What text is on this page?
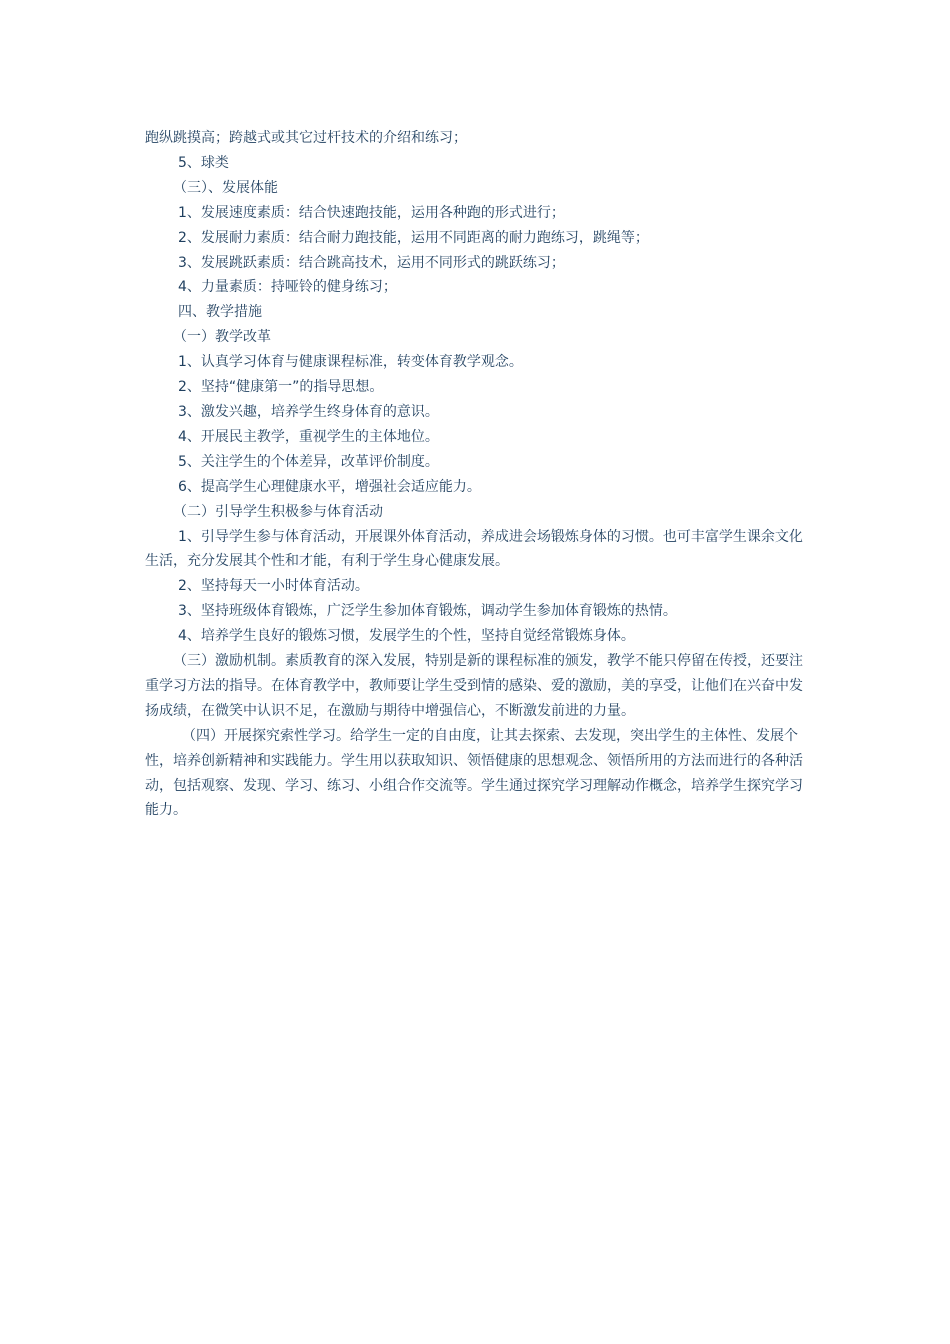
跑纵跳摸高；跨越式或其它过杆技术的介绍和练习；

5、球类

（三）、发展体能

1、发展速度素质：结合快速跑技能，运用各种跑的形式进行；

2、发展耐力素质：结合耐力跑技能，运用不同距离的耐力跑练习，跳绳等；

3、发展跳跃素质：结合跳高技术，运用不同形式的跳跃练习；

4、力量素质：持哑铃的健身练习；

四、教学措施

（一）教学改革

1、认真学习体育与健康课程标准，转变体育教学观念。

2、坚持“健康第一”的指导思想。

3、激发兴趣，培养学生终身体育的意识。

4、开展民主教学，重视学生的主体地位。

5、关注学生的个体差异，改革评价制度。

6、提高学生心理健康水平，增强社会适应能力。

（二）引导学生积极参与体育活动

1、引导学生参与体育活动，开展课外体育活动，养成进会场锻炼身体的习惯。也可丰富学生课余文化生活，充分发展其个性和才能，有利于学生身心健康发展。

2、坚持每天一小时体育活动。

3、坚持班级体育锻炼，广泛学生参加体育锻炼，调动学生参加体育锻炼的热情。

4、培养学生良好的锻炼习惯，发展学生的个性，坚持自觉经常锻炼身体。

（三）激励机制。素质教育的深入发展，特别是新的课程标准的颁发，教学不能只停留在传授，还要注重学习方法的指导。在体育教学中，教师要让学生受到情的感染、爱的激励，美的享受，让他们在兴奋中发扬成绩，在微笑中认识不足，在激励与期待中增强信心，不断激发前进的力量。

（四）开展探究索性学习。给学生一定的自由度，让其去探索、去发现，突出学生的主体性、发展个性，培养创新精神和实践能力。学生用以获取知识、领悟健康的思想观念、领悟所用的方法而进行的各种活动，包括观察、发现、学习、练习、小组合作交流等。学生通过探究学习理解动作概念，培养学生探究学习能力。
